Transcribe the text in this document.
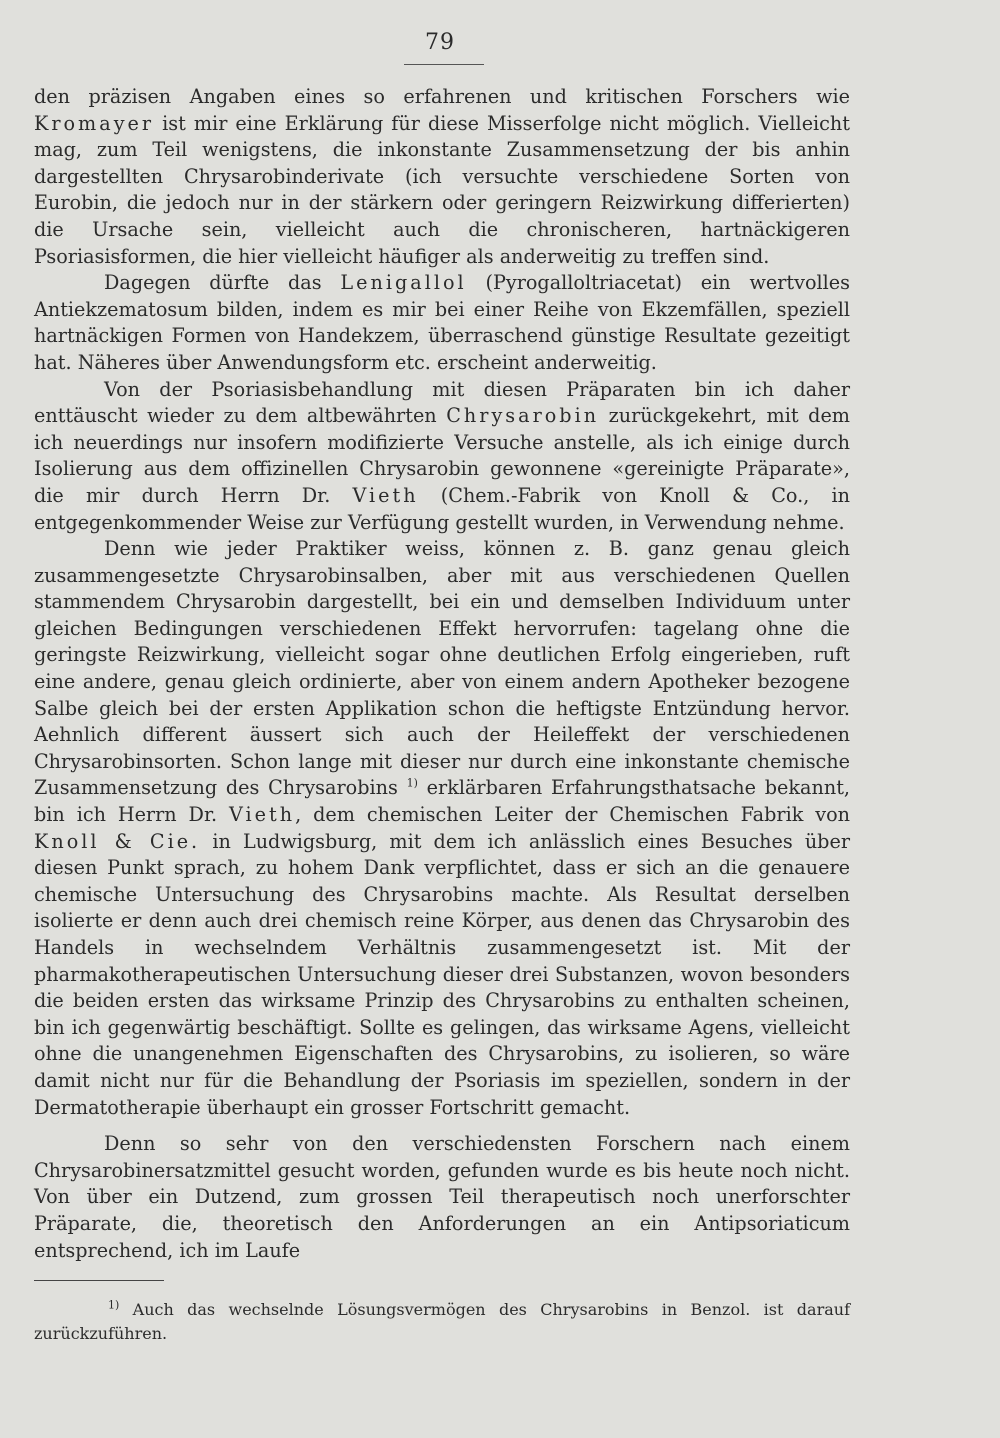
79

den präzisen Angaben eines so erfahrenen und kritischen Forschers wie Kromayer ist mir eine Erklärung für diese Misserfolge nicht möglich. Vielleicht mag, zum Teil wenigstens, die inkonstante Zusammensetzung der bis anhin dargestellten Chrysarobinderivate (ich versuchte verschiedene Sorten von Eurobin, die jedoch nur in der stärkern oder geringern Reizwirkung differierten) die Ursache sein, vielleicht auch die chronischeren, hartnäckigeren Psoriasisformen, die hier vielleicht häufiger als anderweitig zu treffen sind.

Dagegen dürfte das Lenigallol (Pyrogalloltriacetat) ein wertvolles Antiekzematosum bilden, indem es mir bei einer Reihe von Ekzemfällen, speziell hartnäckigen Formen von Handekzem, überraschend günstige Resultate gezeitigt hat. Näheres über Anwendungsform etc. erscheint anderweitig.

Von der Psoriasisbehandlung mit diesen Präparaten bin ich daher enttäuscht wieder zu dem altbewährten Chrysarobin zurückgekehrt, mit dem ich neuerdings nur insofern modifizierte Versuche anstelle, als ich einige durch Isolierung aus dem offizinellen Chrysarobin gewonnene «gereinigte Präparate», die mir durch Herrn Dr. Vieth (Chem.-Fabrik von Knoll & Co., in entgegenkommender Weise zur Verfügung gestellt wurden, in Verwendung nehme.

Denn wie jeder Praktiker weiss, können z. B. ganz genau gleich zusammengesetzte Chrysarobinsalben, aber mit aus verschiedenen Quellen stammendem Chrysarobin dargestellt, bei ein und demselben Individuum unter gleichen Bedingungen verschiedenen Effekt hervorrufen: tagelang ohne die geringste Reizwirkung, vielleicht sogar ohne deutlichen Erfolg eingerieben, ruft eine andere, genau gleich ordinierte, aber von einem andern Apotheker bezogene Salbe gleich bei der ersten Applikation schon die heftigste Entzündung hervor. Aehnlich different äussert sich auch der Heileffekt der verschiedenen Chrysarobinsorten. Schon lange mit dieser nur durch eine inkonstante chemische Zusammensetzung des Chrysarobins $^{1)}$ erklärbaren Erfahrungsthatsache bekannt, bin ich Herrn Dr. Vieth, dem chemischen Leiter der Chemischen Fabrik von Knoll & Cie. in Ludwigsburg, mit dem ich anlässlich eines Besuches über diesen Punkt sprach, zu hohem Dank verpflichtet, dass er sich an die genauere chemische Untersuchung des Chrysarobins machte. Als Resultat derselben isolierte er denn auch drei chemisch reine Körper, aus denen das Chrysarobin des Handels in wechselndem Verhältnis zusammengesetzt ist. Mit der pharmakotherapeutischen Untersuchung dieser drei Substanzen, wovon besonders die beiden ersten das wirksame Prinzip des Chrysarobins zu enthalten scheinen, bin ich gegenwärtig beschäftigt. Sollte es gelingen, das wirksame Agens, vielleicht ohne die unangenehmen Eigenschaften des Chrysarobins, zu isolieren, so wäre damit nicht nur für die Behandlung der Psoriasis im speziellen, sondern in der Dermatotherapie überhaupt ein grosser Fortschritt gemacht.

Denn so sehr von den verschiedensten Forschern nach einem Chrysarobinersatzmittel gesucht worden, gefunden wurde es bis heute noch nicht. Von über ein Dutzend, zum grossen Teil therapeutisch noch unerforschter Präparate, die, theoretisch den Anforderungen an ein Antipsoriaticum entsprechend, ich im Laufe

$^{1)}$ Auch das wechselnde Lösungsvermögen des Chrysarobins in Benzol. ist darauf zurückzuführen.
